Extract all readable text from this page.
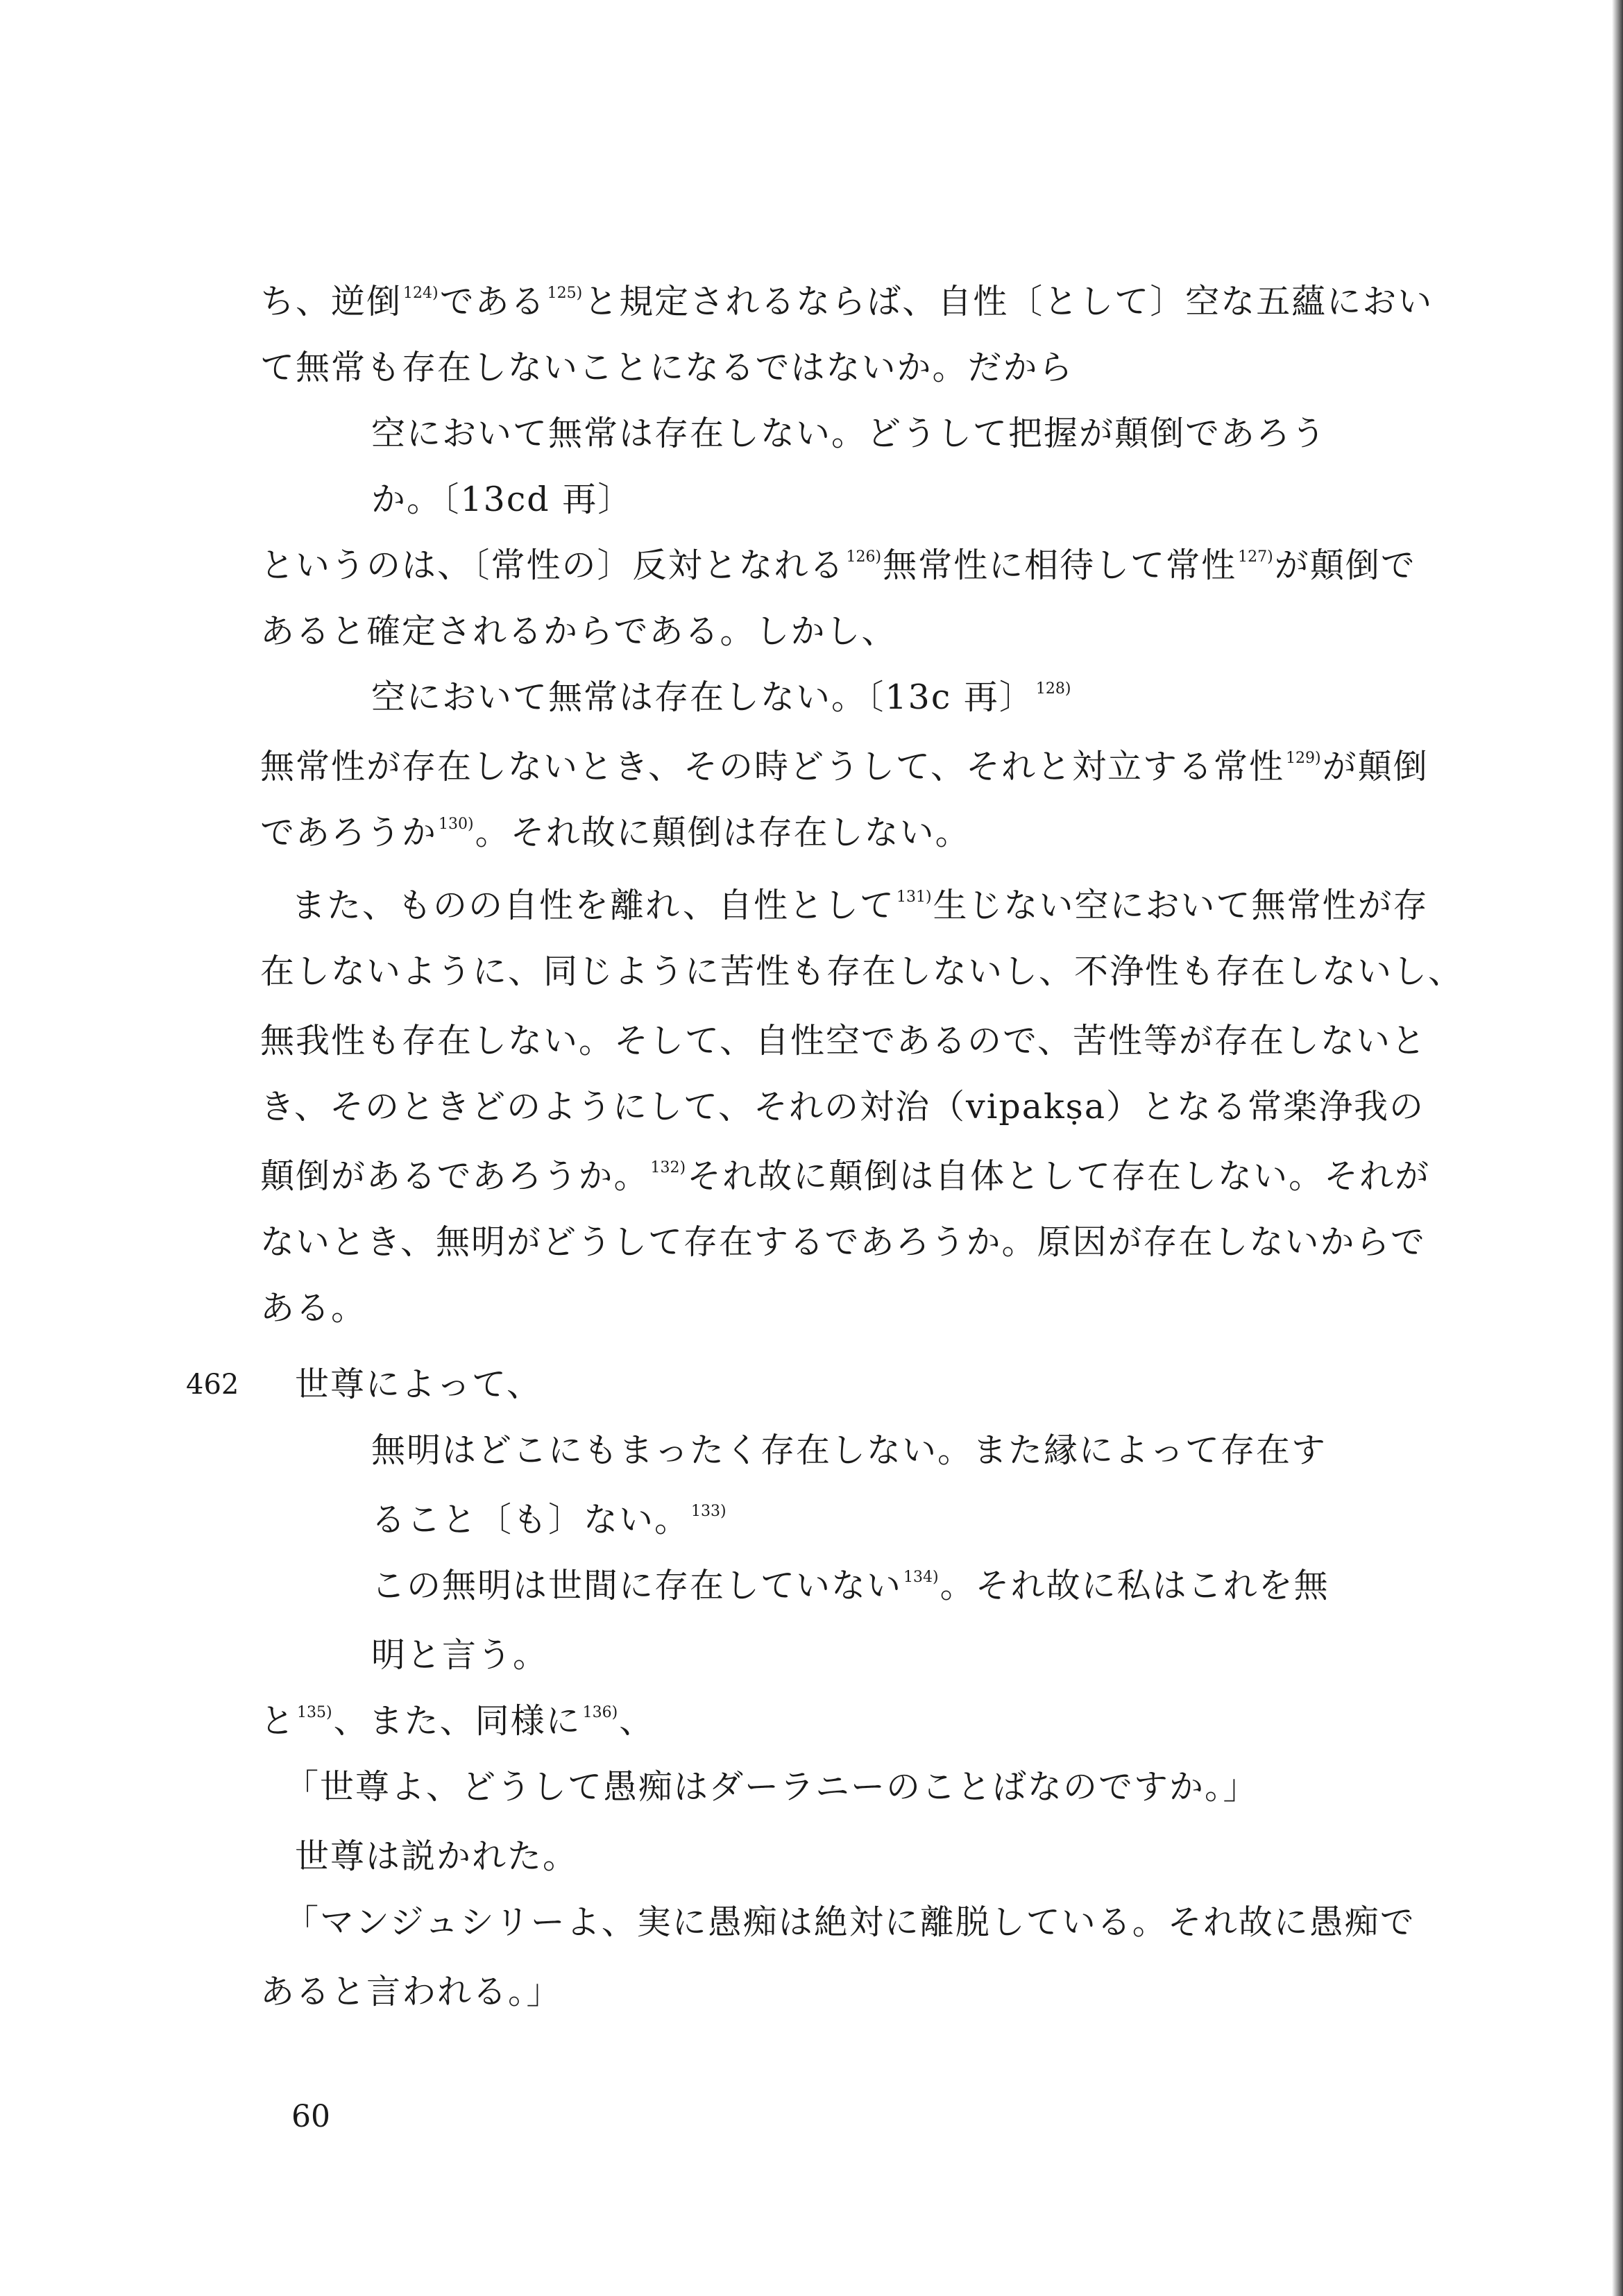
ち、逆倒$^{124)}$である$^{125)}$と規定されるならば、自性〔として〕空な五蘊におい
て無常も存在しないことになるではないか。だから
空において無常は存在しない。どうして把握が顛倒であろう
か。〔13cd 再〕
というのは、〔常性の〕反対となれる$^{126)}$無常性に相待して常性$^{127)}$が顛倒で
あると確定されるからである。しかし、
空において無常は存在しない。〔13c 再〕$^{128)}$
無常性が存在しないとき、その時どうして、それと対立する常性$^{129)}$が顛倒
であろうか$^{130)}$。それ故に顛倒は存在しない。
また、ものの自性を離れ、自性として$^{131)}$生じない空において無常性が存
在しないように、同じように苦性も存在しないし、不浄性も存在しないし、
無我性も存在しない。そして、自性空であるので、苦性等が存在しないと
き、そのときどのようにして、それの対治（vipakṣa）となる常楽浄我の
顛倒があるであろうか。$^{132)}$それ故に顛倒は自体として存在しない。それが
ないとき、無明がどうして存在するであろうか。原因が存在しないからで
ある。
世尊によって、
無明はどこにもまったく存在しない。また縁によって存在す
ること〔も〕ない。$^{133)}$
この無明は世間に存在していない$^{134)}$。それ故に私はこれを無
明と言う。
と$^{135)}$、また、同様に$^{136)}$、
「世尊よ、どうして愚痴はダーラニーのことばなのですか。」
世尊は説かれた。
「マンジュシリーよ、実に愚痴は絶対に離脱している。それ故に愚痴で
あると言われる。」
462
60
